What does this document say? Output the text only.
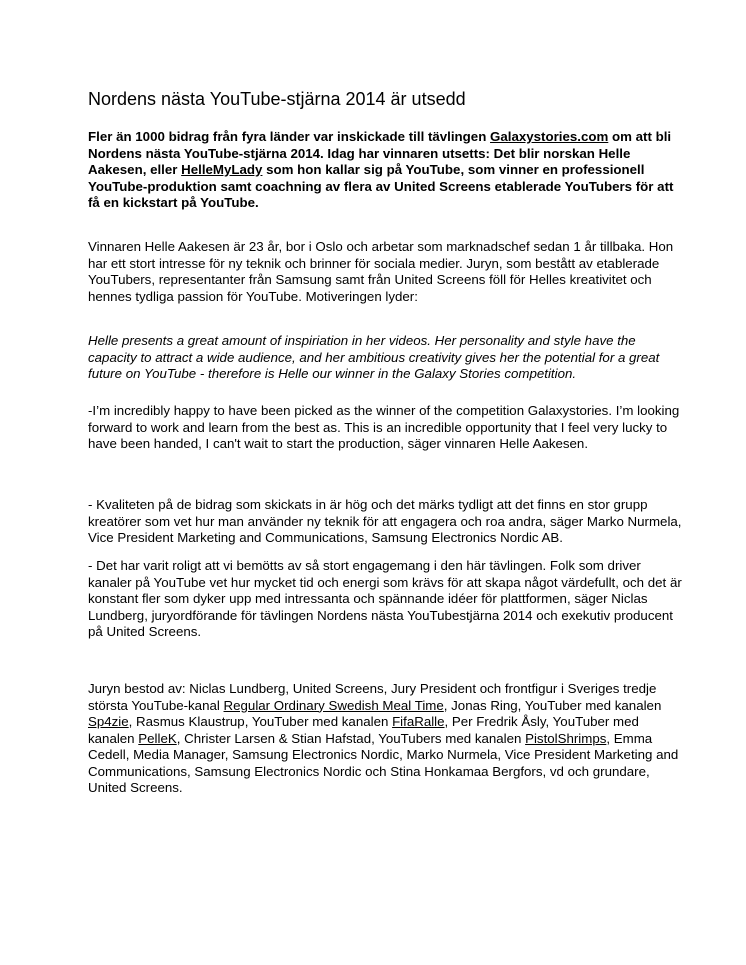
Nordens nästa YouTube-stjärna 2014 är utsedd

Fler än 1000 bidrag från fyra länder var inskickade till tävlingen Galaxystories.com om att bli Nordens nästa YouTube-stjärna 2014. Idag har vinnaren utsetts: Det blir norskan Helle Aakesen, eller HelleMyLady som hon kallar sig på YouTube, som vinner en professionell YouTube-produktion samt coachning av flera av United Screens etablerade YouTubers för att få en kickstart på YouTube.

Vinnaren Helle Aakesen är 23 år, bor i Oslo och arbetar som marknadschef sedan 1 år tillbaka. Hon har ett stort intresse för ny teknik och brinner för sociala medier. Juryn, som bestått av etablerade YouTubers, representanter från Samsung samt från United Screens föll för Helles kreativitet och hennes tydliga passion för YouTube. Motiveringen lyder:

Helle presents a great amount of inspiriation in her videos. Her personality and style have the capacity to attract a wide audience, and her ambitious creativity gives her the potential for a great future on YouTube - therefore is Helle our winner in the Galaxy Stories competition.

-I’m incredibly happy to have been picked as the winner of the competition Galaxystories. I’m looking forward to work and learn from the best as. This is an incredible opportunity that I feel very lucky to have been handed, I can't wait to start the production, säger vinnaren Helle Aakesen.

- Kvaliteten på de bidrag som skickats in är hög och det märks tydligt att det finns en stor grupp kreatörer som vet hur man använder ny teknik för att engagera och roa andra, säger Marko Nurmela, Vice President Marketing and Communications, Samsung Electronics Nordic AB.

- Det har varit roligt att vi bemötts av så stort engagemang i den här tävlingen. Folk som driver kanaler på YouTube vet hur mycket tid och energi som krävs för att skapa något värdefullt, och det är konstant fler som dyker upp med intressanta och spännande idéer för plattformen, säger Niclas Lundberg, juryordförande för tävlingen Nordens nästa YouTubestjärna 2014 och exekutiv producent på United Screens.

Juryn bestod av: Niclas Lundberg, United Screens, Jury President och frontfigur i Sveriges tredje största YouTube-kanal Regular Ordinary Swedish Meal Time, Jonas Ring, YouTuber med kanalen Sp4zie, Rasmus Klaustrup, YouTuber med kanalen FifaRalle, Per Fredrik Åsly, YouTuber med kanalen PelleK, Christer Larsen & Stian Hafstad, YouTubers med kanalen PistolShrimps, Emma Cedell, Media Manager, Samsung Electronics Nordic, Marko Nurmela, Vice President Marketing and Communications, Samsung Electronics Nordic och Stina Honkamaa Bergfors, vd och grundare, United Screens.
